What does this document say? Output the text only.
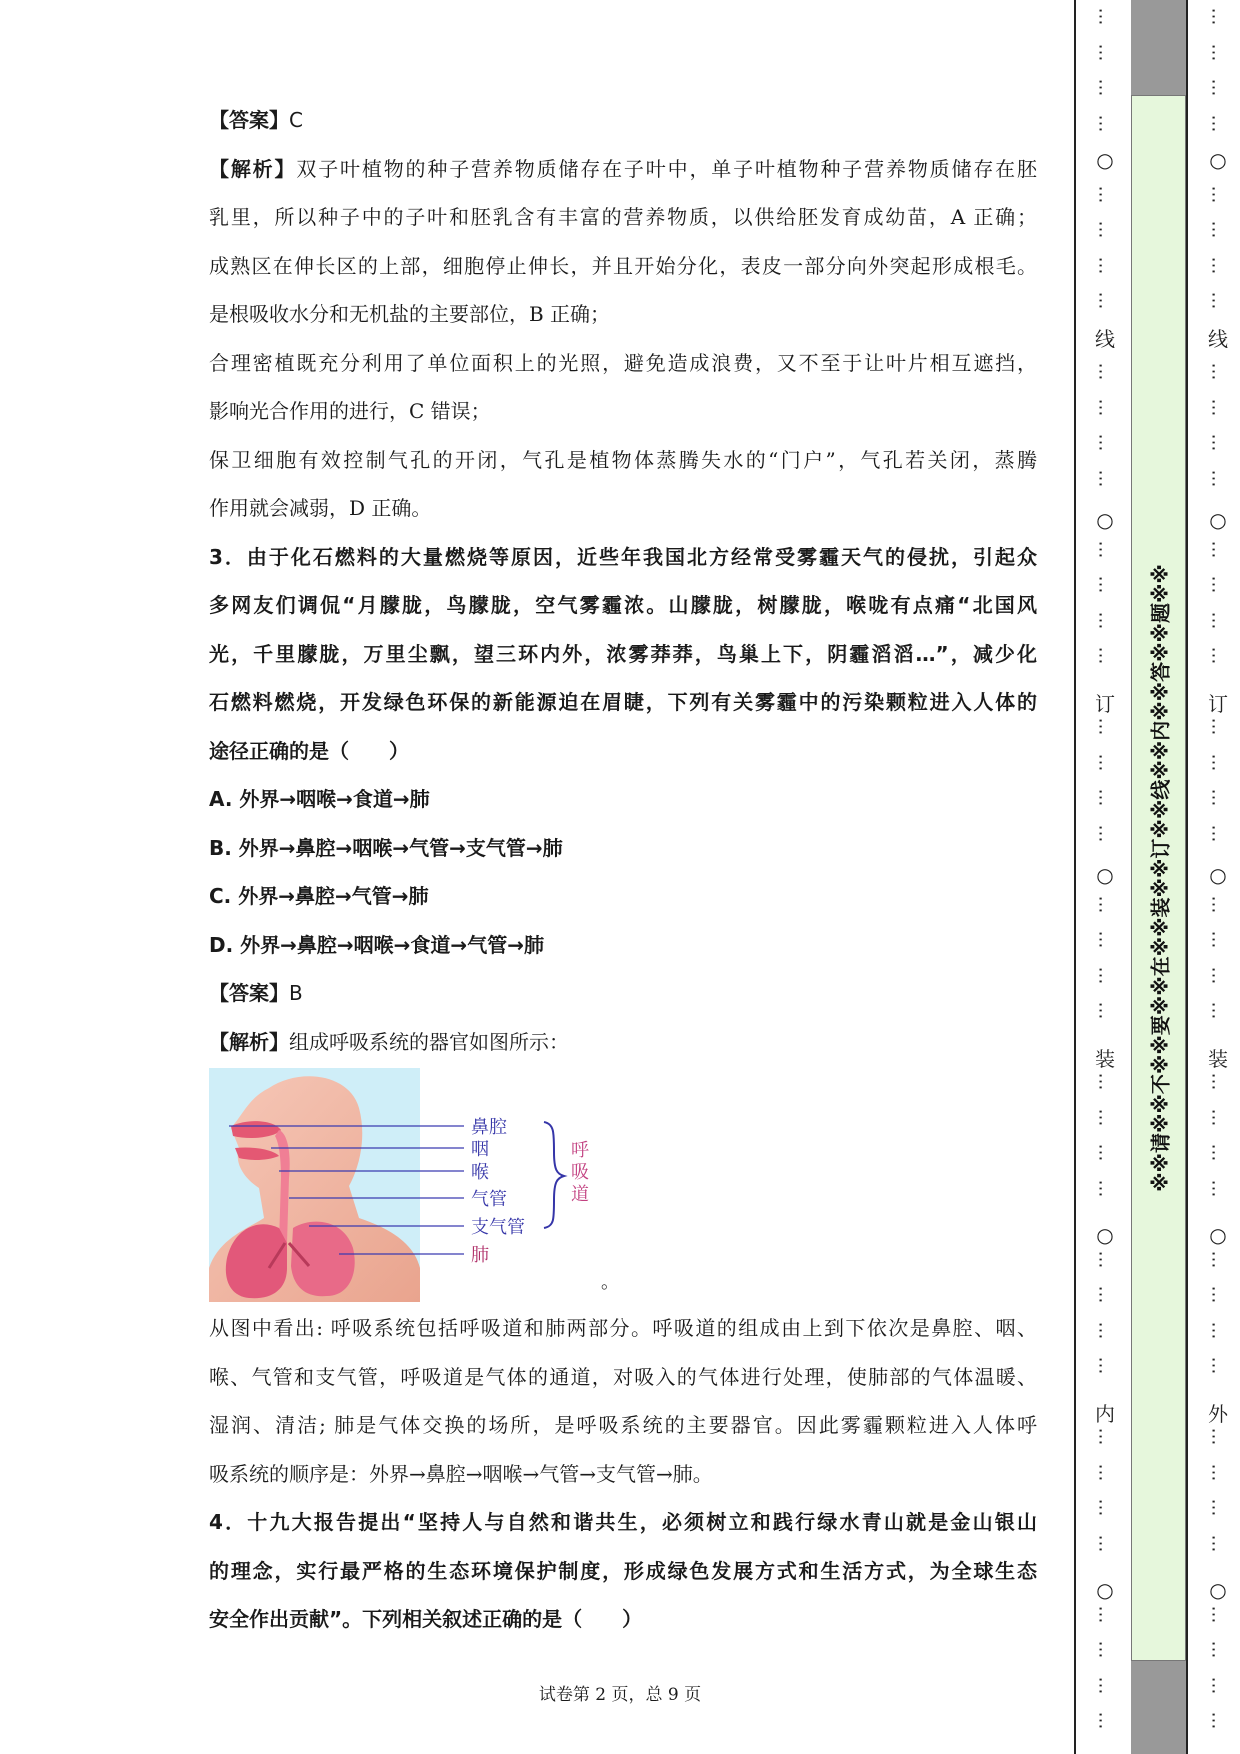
【答案】C
【解析】双子叶植物的种子营养物质储存在子叶中，单子叶植物种子营养物质储存在胚
乳里，所以种子中的子叶和胚乳含有丰富的营养物质，以供给胚发育成幼苗，A 正确；
成熟区在伸长区的上部，细胞停止伸长，并且开始分化，表皮一部分向外突起形成根毛。
是根吸收水分和无机盐的主要部位，B 正确；
合理密植既充分利用了单位面积上的光照，避免造成浪费，又不至于让叶片相互遮挡，
影响光合作用的进行，C 错误；
保卫细胞有效控制气孔的开闭，气孔是植物体蒸腾失水的“门户”，气孔若关闭，蒸腾
作用就会减弱，D 正确。
3．由于化石燃料的大量燃烧等原因，近些年我国北方经常受雾霾天气的侵扰，引起众
多网友们调侃“月朦胧，鸟朦胧，空气雾霾浓。山朦胧，树朦胧，喉咙有点痛“北国风
光，千里朦胧，万里尘飘，望三环内外，浓雾莽莽，鸟巢上下，阴霾滔滔…”，减少化
石燃料燃烧，开发绿色环保的新能源迫在眉睫，下列有关雾霾中的污染颗粒进入人体的
途径正确的是（　　）
A. 外界→咽喉→食道→肺
B. 外界→鼻腔→咽喉→气管→支气管→肺
C. 外界→鼻腔→气管→肺
D. 外界→鼻腔→咽喉→食道→气管→肺
【答案】B
【解析】组成呼吸系统的器官如图所示：
鼻腔
咽
喉
气管
支气管
肺
呼
吸
道
。
从图中看出: 呼吸系统包括呼吸道和肺两部分。呼吸道的组成由上到下依次是鼻腔、咽、
喉、气管和支气管，呼吸道是气体的通道，对吸入的气体进行处理，使肺部的气体温暖、
湿润、清洁; 肺是气体交换的场所，是呼吸系统的主要器官。因此雾霾颗粒进入人体呼
吸系统的顺序是：外界→鼻腔→咽喉→气管→支气管→肺。
4．十九大报告提出“坚持人与自然和谐共生，必须树立和践行绿水青山就是金山银山
的理念，实行最严格的生态环境保护制度，形成绿色发展方式和生活方式，为全球生态
安全作出贡献”。下列相关叙述正确的是（　　）
试卷第 2 页，总 9 页
※※请※※不※※要※※在※※装※※订※※线※※内※※答※※题※※
…
…
…
…
○
…
…
…
…
线
…
…
…
…
○
…
…
…
…
订
…
…
…
…
○
…
…
…
…
装
…
…
…
…
○
…
…
…
…
内
…
…
…
…
○
…
…
…
…
…
…
…
…
○
…
…
…
…
线
…
…
…
…
○
…
…
…
…
订
…
…
…
…
○
…
…
…
…
装
…
…
…
…
○
…
…
…
…
外
…
…
…
…
○
…
…
…
…
